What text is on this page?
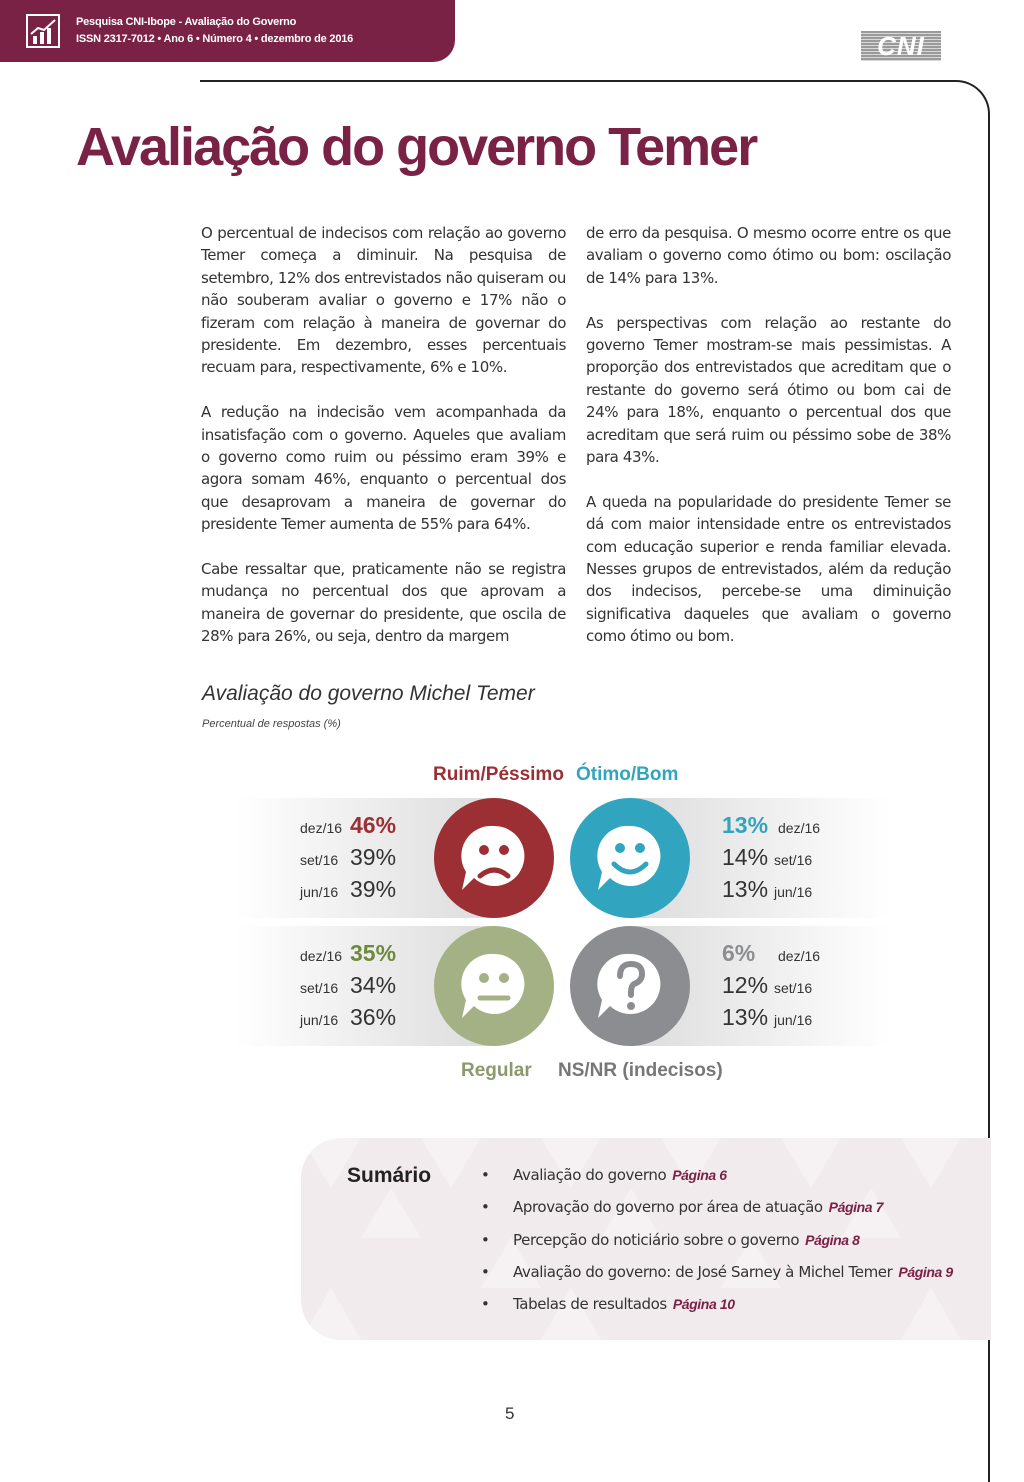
Pesquisa CNI-Ibope - Avaliação do Governo
ISSN 2317-7012 • Ano 6 • Número 4 • dezembro de 2016	CNI
Avaliação do governo Temer

O percentual de indecisos com relação ao governo Temer começa a diminuir. Na pesquisa de setembro, 12% dos entrevistados não quiseram ou não souberam avaliar o governo e 17% não o fizeram com relação à maneira de governar do presidente. Em dezembro, esses percentuais recuam para, respectivamente, 6% e 10%.

A redução na indecisão vem acompanhada da insatisfação com o governo. Aqueles que avaliam o governo como ruim ou péssimo eram 39% e agora somam 46%, enquanto o percentual dos que desaprovam a maneira de governar do presidente Temer aumenta de 55% para 64%.

Cabe ressaltar que, praticamente não se registra mudança no percentual dos que aprovam a maneira de governar do presidente, que oscila de 28% para 26%, ou seja, dentro da margem

de erro da pesquisa. O mesmo ocorre entre os que avaliam o governo como ótimo ou bom: oscilação de 14% para 13%.

As perspectivas com relação ao restante do governo Temer mostram-se mais pessimistas. A proporção dos entrevistados que acreditam que o restante do governo será ótimo ou bom cai de 24% para 18%, enquanto o percentual dos que acreditam que será ruim ou péssimo sobe de 38% para 43%.

A queda na popularidade do presidente Temer se dá com maior intensidade entre os entrevistados com educação superior e renda familiar elevada. Nesses grupos de entrevistados, além da redução dos indecisos, percebe-se uma diminuição significativa daqueles que avaliam o governo como ótimo ou bom.

Avaliação do governo Michel Temer
Percentual de respostas (%)
Ruim/Péssimo Ótimo/Bom
Regular NS/NR (indecisos)
dez/16 46%
set/16 39%
jun/16 39%
13% dez/16
14% set/16
13% jun/16
dez/16 35%
set/16 34%
jun/16 36%
6%	dez/16
12% set/16
13% jun/16
Sumário	• Avaliação do governo Página 6
• Aprovação do governo por área de atuação Página 7
• Percepção do noticiário sobre o governo Página 8
• Avaliação do governo: de José Sarney à Michel Temer Página 9
• Tabelas de resultados Página 10
5
